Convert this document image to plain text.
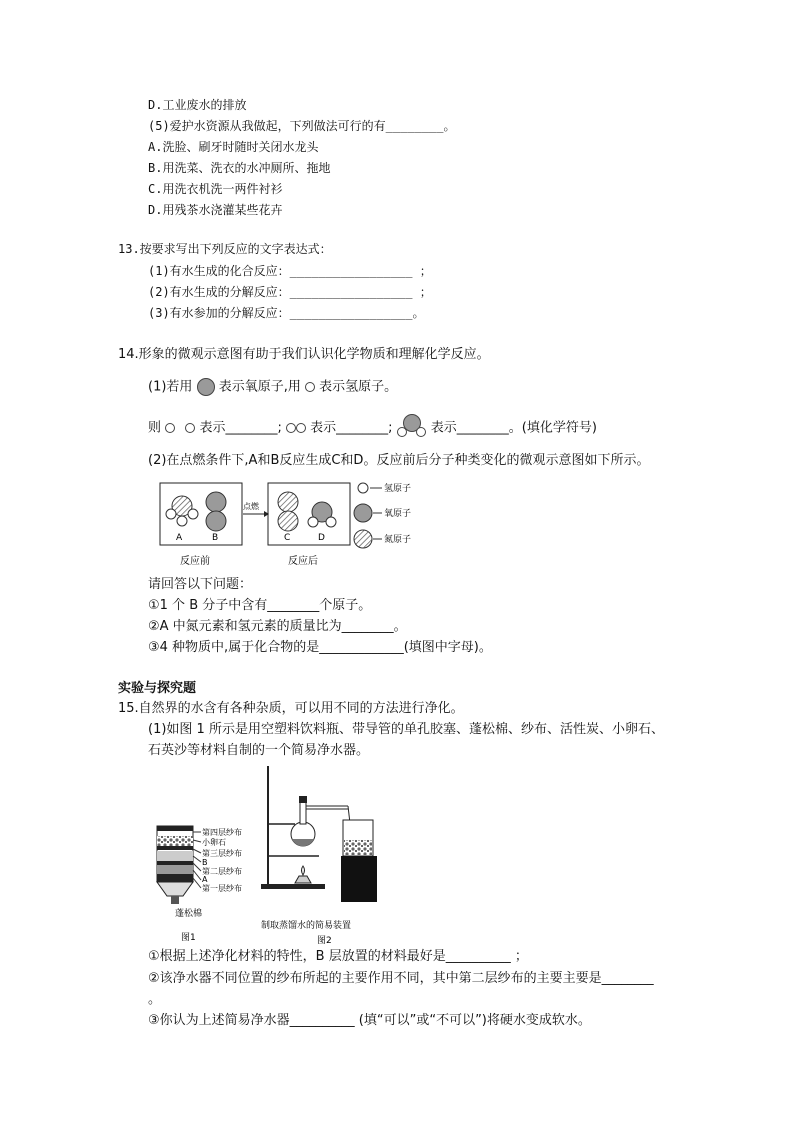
D.工业废水的排放
(5)爱护水资源从我做起，下列做法可行的有________。
A.洗脸、刷牙时随时关闭水龙头
B.用洗菜、洗衣的水冲厕所、拖地
C.用洗衣机洗一两件衬衫
D.用残茶水浇灌某些花卉
13.按要求写出下列反应的文字表达式：
(1)有水生成的化合反应：_________________ ；
(2)有水生成的分解反应：_________________ ；
(3)有水参加的分解反应：_________________。
14.形象的微观示意图有助于我们认识化学物质和理解化学反应。
(1)若用 表示氧原子,用 表示氢原子。
则	表示________; 表示________;	表示________。(填化学符号)
(2)在点燃条件下,A和B反应生成C和D。反应前后分子种类变化的微观示意图如下所示。
A	B
点燃
C	D
反应前	反应后
氢原子
氧原子
氮原子
请回答以下问题：
①1 个 B 分子中含有________个原子。
②A 中氮元素和氢元素的质量比为________。
③4 种物质中,属于化合物的是_____________(填图中字母)。
实验与探究题
15.自然界的水含有各种杂质，可以用不同的方法进行净化。
(1)如图 1 所示是用空塑料饮料瓶、带导管的单孔胶塞、蓬松棉、纱布、活性炭、小卵石、
石英沙等材料自制的一个简易净水器。
第四层纱布
小卵石
第三层纱布
B
第二层纱布
A
第一层纱布
蓬松棉
图1
制取蒸馏水的简易装置
图2
①根据上述净化材料的特性，B 层放置的材料最好是__________ ；
②该净水器不同位置的纱布所起的主要作用不同，其中第二层纱布的主要主要是________
。
③你认为上述简易净水器__________ (填“可以”或“不可以”)将硬水变成软水。
